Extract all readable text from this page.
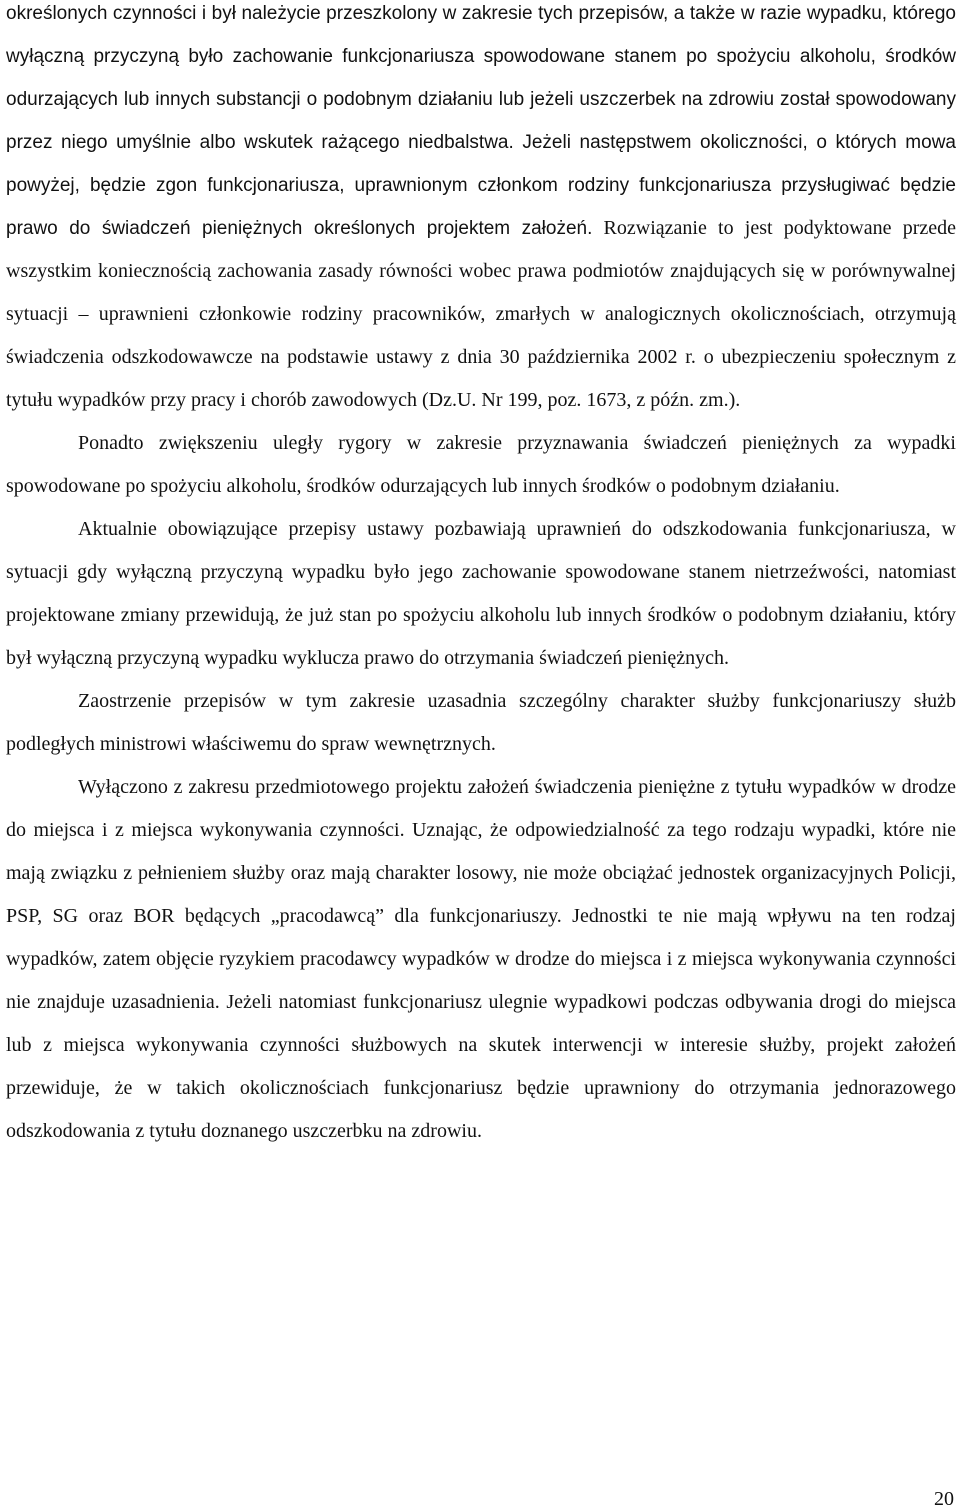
określonych czynności i był należycie przeszkolony w zakresie tych przepisów, a także w razie wypadku, którego wyłączną przyczyną było zachowanie funkcjonariusza spowodowane stanem po spożyciu alkoholu, środków odurzających lub innych substancji o podobnym działaniu lub jeżeli uszczerbek na zdrowiu został spowodowany przez niego umyślnie albo wskutek rażącego niedbalstwa. Jeżeli następstwem okoliczności, o których mowa powyżej, będzie zgon funkcjonariusza, uprawnionym członkom rodziny funkcjonariusza przysługiwać będzie prawo do świadczeń pieniężnych określonych projektem założeń. Rozwiązanie to jest podyktowane przede wszystkim koniecznością zachowania zasady równości wobec prawa podmiotów znajdujących się w porównywalnej sytuacji – uprawnieni członkowie rodziny pracowników, zmarłych w analogicznych okolicznościach, otrzymują świadczenia odszkodowawcze na podstawie ustawy z dnia 30 października 2002 r. o ubezpieczeniu społecznym z tytułu wypadków przy pracy i chorób zawodowych (Dz.U. Nr 199, poz. 1673, z późn. zm.).

Ponadto zwiększeniu uległy rygory w zakresie przyznawania świadczeń pieniężnych za wypadki spowodowane po spożyciu alkoholu, środków odurzających lub innych środków o podobnym działaniu.

Aktualnie obowiązujące przepisy ustawy pozbawiają uprawnień do odszkodowania funkcjonariusza, w sytuacji gdy wyłączną przyczyną wypadku było jego zachowanie spowodowane stanem nietrzeźwości, natomiast projektowane zmiany przewidują, że już stan po spożyciu alkoholu lub innych środków o podobnym działaniu, który był wyłączną przyczyną wypadku wyklucza prawo do otrzymania świadczeń pieniężnych.

Zaostrzenie przepisów w tym zakresie uzasadnia szczególny charakter służby funkcjonariuszy służb podległych ministrowi właściwemu do spraw wewnętrznych.

Wyłączono z zakresu przedmiotowego projektu założeń świadczenia pieniężne z tytułu wypadków w drodze do miejsca i z miejsca wykonywania czynności. Uznając, że odpowiedzialność za tego rodzaju wypadki, które nie mają związku z pełnieniem służby oraz mają charakter losowy, nie może obciążać jednostek organizacyjnych Policji, PSP, SG oraz BOR będących „pracodawcą” dla funkcjonariuszy. Jednostki te nie mają wpływu na ten rodzaj wypadków, zatem objęcie ryzykiem pracodawcy wypadków w drodze do miejsca i z miejsca wykonywania czynności nie znajduje uzasadnienia. Jeżeli natomiast funkcjonariusz ulegnie wypadkowi podczas odbywania drogi do miejsca lub z miejsca wykonywania czynności służbowych na skutek interwencji w interesie służby, projekt założeń przewiduje, że w takich okolicznościach funkcjonariusz będzie uprawniony do otrzymania jednorazowego odszkodowania z tytułu doznanego uszczerbku na zdrowiu.

20
